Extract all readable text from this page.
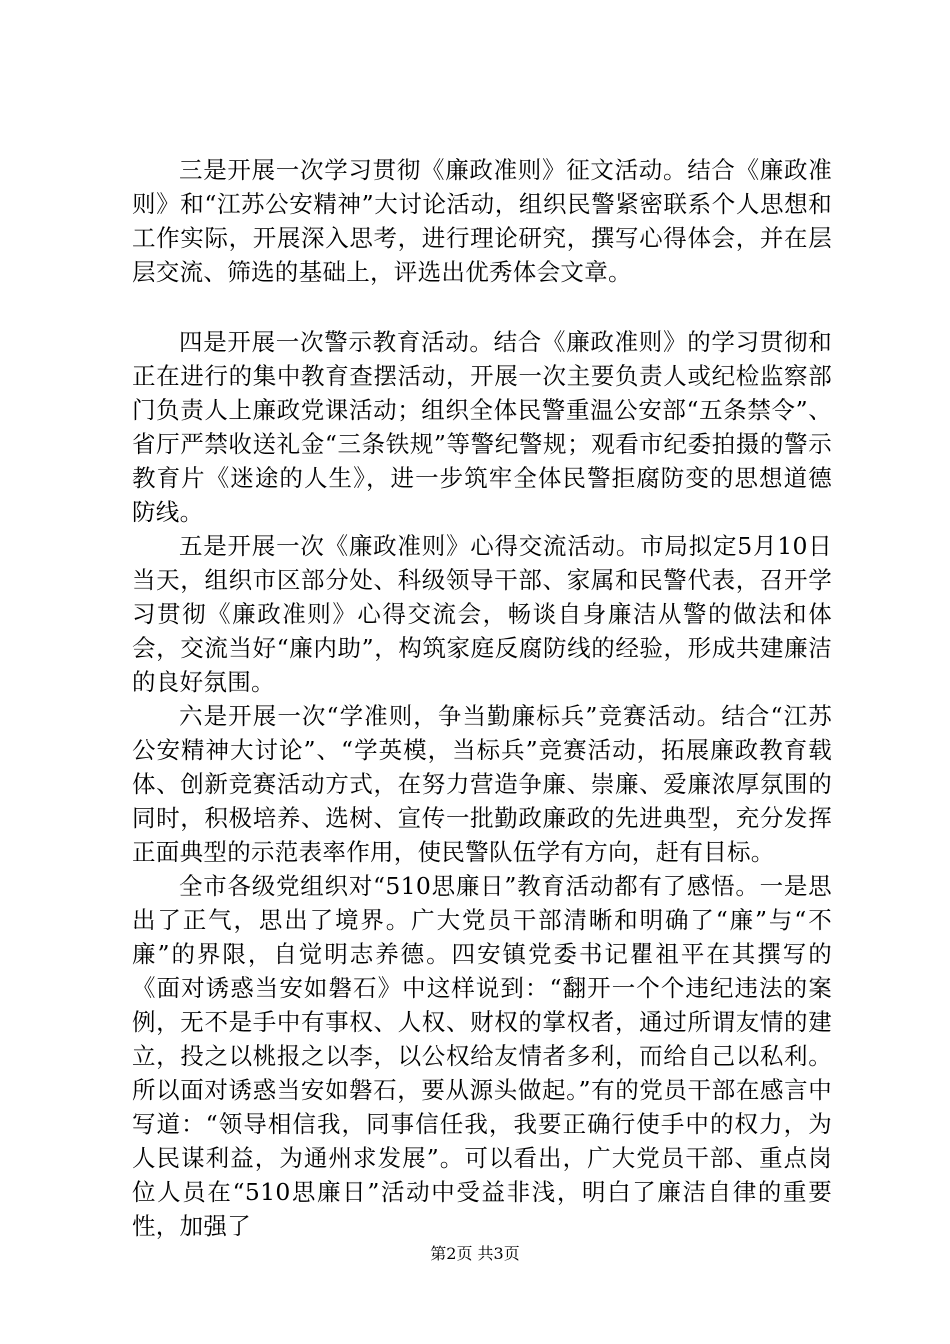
三是开展一次学习贯彻《廉政准则》征文活动。结合《廉政准则》和“江苏公安精神”大讨论活动，组织民警紧密联系个人思想和工作实际，开展深入思考，进行理论研究，撰写心得体会，并在层层交流、筛选的基础上，评选出优秀体会文章。

四是开展一次警示教育活动。结合《廉政准则》的学习贯彻和正在进行的集中教育查摆活动，开展一次主要负责人或纪检监察部门负责人上廉政党课活动；组织全体民警重温公安部“五条禁令”、省厅严禁收送礼金“三条铁规”等警纪警规；观看市纪委拍摄的警示教育片《迷途的人生》，进一步筑牢全体民警拒腐防变的思想道德防线。

五是开展一次《廉政准则》心得交流活动。市局拟定5月10日当天，组织市区部分处、科级领导干部、家属和民警代表，召开学习贯彻《廉政准则》心得交流会，畅谈自身廉洁从警的做法和体会，交流当好“廉内助”，构筑家庭反腐防线的经验，形成共建廉洁的良好氛围。

六是开展一次“学准则，争当勤廉标兵”竞赛活动。结合“江苏公安精神大讨论”、“学英模，当标兵”竞赛活动，拓展廉政教育载体、创新竞赛活动方式，在努力营造争廉、崇廉、爱廉浓厚氛围的同时，积极培养、选树、宣传一批勤政廉政的先进典型，充分发挥正面典型的示范表率作用，使民警队伍学有方向，赶有目标。

全市各级党组织对“510思廉日”教育活动都有了感悟。一是思出了正气，思出了境界。广大党员干部清晰和明确了“廉”与“不廉”的界限，自觉明志养德。四安镇党委书记瞿祖平在其撰写的《面对诱惑当安如磐石》中这样说到：“翻开一个个违纪违法的案例，无不是手中有事权、人权、财权的掌权者，通过所谓友情的建立，投之以桃报之以李，以公权给友情者多利，而给自己以私利。所以面对诱惑当安如磐石，要从源头做起。”有的党员干部在感言中写道：“领导相信我，同事信任我，我要正确行使手中的权力，为人民谋利益，为通州求发展”。可以看出，广大党员干部、重点岗位人员在“510思廉日”活动中受益非浅，明白了廉洁自律的重要性，加强了

第2页 共3页
